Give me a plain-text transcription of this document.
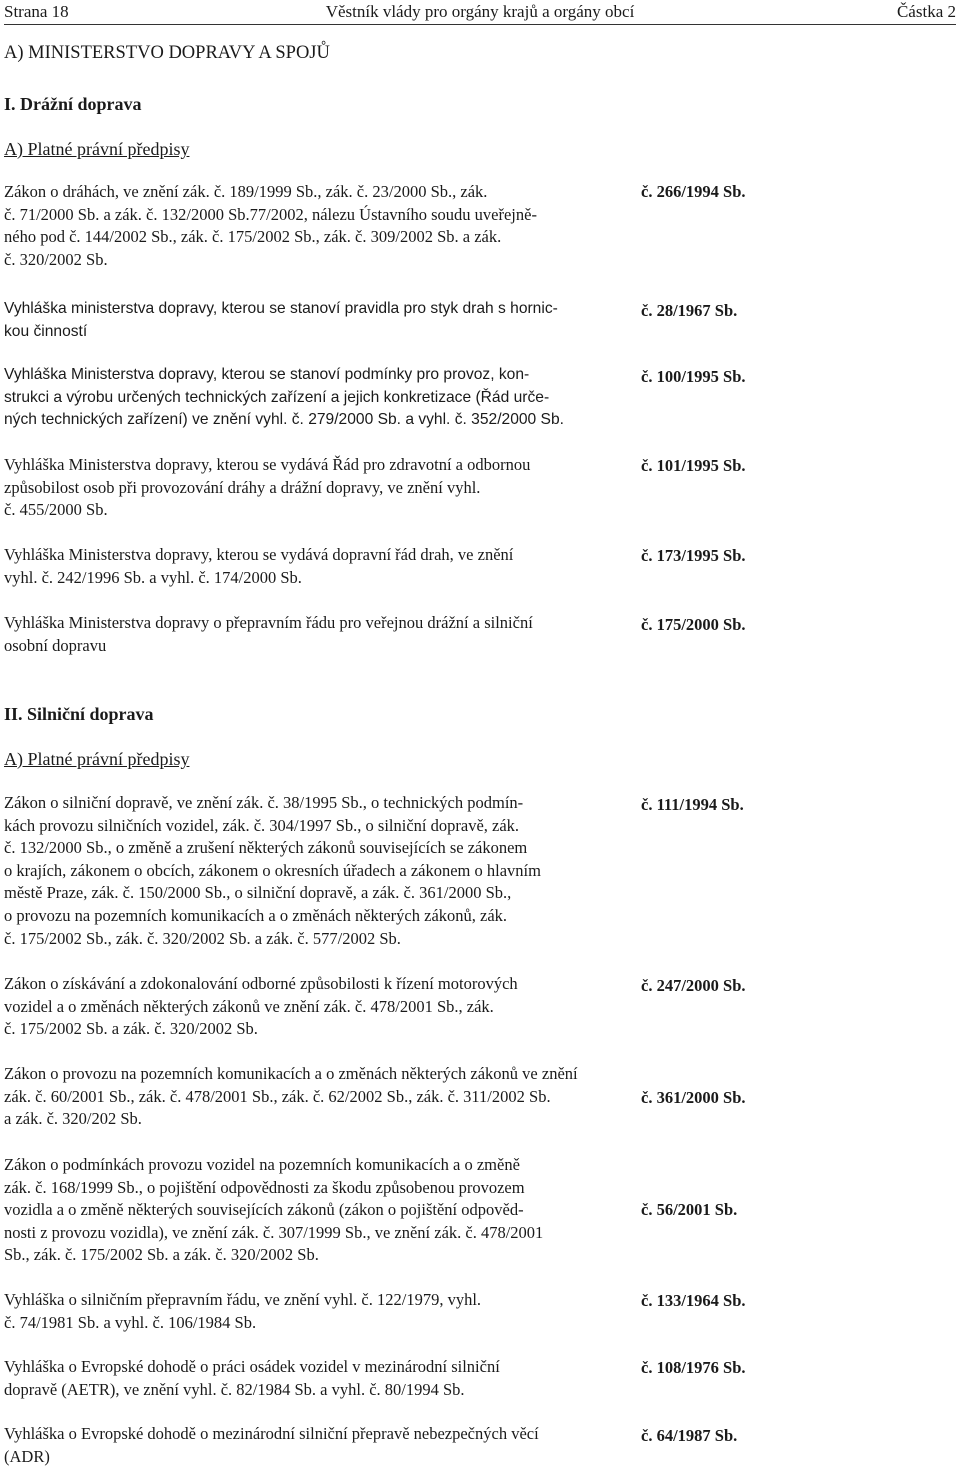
Strana 18	Věstník vlády pro orgány krajů a orgány obcí	Částka 2
A) MINISTERSTVO DOPRAVY A SPOJŮ
I. Drážní doprava
A) Platné právní předpisy
Zákon o dráhách, ve znění zák. č. 189/1999 Sb., zák. č. 23/2000 Sb., zák.
č. 71/2000 Sb. a zák. č. 132/2000 Sb.77/2002, nálezu Ústavního soudu uveřejně-
ného pod č. 144/2002 Sb., zák. č. 175/2002 Sb., zák. č. 309/2002 Sb. a zák.
č. 320/2002 Sb.
č. 266/1994 Sb.
Vyhláška ministerstva dopravy, kterou se stanoví pravidla pro styk drah s hornic-
kou činností
č. 28/1967 Sb.
Vyhláška Ministerstva dopravy, kterou se stanoví podmínky pro provoz, kon-
strukci a výrobu určených technických zařízení a jejich konkretizace (Řád urče-
ných technických zařízení) ve znění vyhl. č. 279/2000 Sb. a vyhl. č. 352/2000 Sb.
č. 100/1995 Sb.
Vyhláška Ministerstva dopravy, kterou se vydává Řád pro zdravotní a odbornou
způsobilost osob při provozování dráhy a drážní dopravy, ve znění vyhl.
č. 455/2000 Sb.
č. 101/1995 Sb.
Vyhláška Ministerstva dopravy, kterou se vydává dopravní řád drah, ve znění
vyhl. č. 242/1996 Sb. a vyhl. č. 174/2000 Sb.
č. 173/1995 Sb.
Vyhláška Ministerstva dopravy o přepravním řádu pro veřejnou drážní a silniční
osobní dopravu
č. 175/2000 Sb.
II. Silniční doprava
A) Platné právní předpisy
Zákon o silniční dopravě, ve znění zák. č. 38/1995 Sb., o technických podmín-
kách provozu silničních vozidel, zák. č. 304/1997 Sb., o silniční dopravě, zák.
č. 132/2000 Sb., o změně a zrušení některých zákonů souvisejících se zákonem
o krajích, zákonem o obcích, zákonem o okresních úřadech a zákonem o hlavním
městě Praze, zák. č. 150/2000 Sb., o silniční dopravě, a zák. č. 361/2000 Sb.,
o provozu na pozemních komunikacích a o změnách některých zákonů, zák.
č. 175/2002 Sb., zák. č. 320/2002 Sb. a zák. č. 577/2002 Sb.
č. 111/1994 Sb.
Zákon o získávání a zdokonalování odborné způsobilosti k řízení motorových
vozidel a o změnách některých zákonů ve znění zák. č. 478/2001 Sb., zák.
č. 175/2002 Sb. a zák. č. 320/2002 Sb.
č. 247/2000 Sb.
Zákon o provozu na pozemních komunikacích a o změnách některých zákonů ve znění
zák. č. 60/2001 Sb., zák. č. 478/2001 Sb., zák. č. 62/2002 Sb., zák. č. 311/2002 Sb.
a zák. č. 320/202 Sb.
č. 361/2000 Sb.
Zákon o podmínkách provozu vozidel na pozemních komunikacích a o změně
zák. č. 168/1999 Sb., o pojištění odpovědnosti za škodu způsobenou provozem
vozidla a o změně některých souvisejících zákonů (zákon o pojištění odpověd-
nosti z provozu vozidla), ve znění zák. č. 307/1999 Sb., ve znění zák. č. 478/2001
Sb., zák. č. 175/2002 Sb. a zák. č. 320/2002 Sb.
č. 56/2001 Sb.
Vyhláška o silničním přepravním řádu, ve znění vyhl. č. 122/1979, vyhl.
č. 74/1981 Sb. a vyhl. č. 106/1984 Sb.
č. 133/1964 Sb.
Vyhláška o Evropské dohodě o práci osádek vozidel v mezinárodní silniční
dopravě (AETR), ve znění vyhl. č. 82/1984 Sb. a vyhl. č. 80/1994 Sb.
č. 108/1976 Sb.
Vyhláška o Evropské dohodě o mezinárodní silniční přepravě nebezpečných věcí
(ADR)
č. 64/1987 Sb.
